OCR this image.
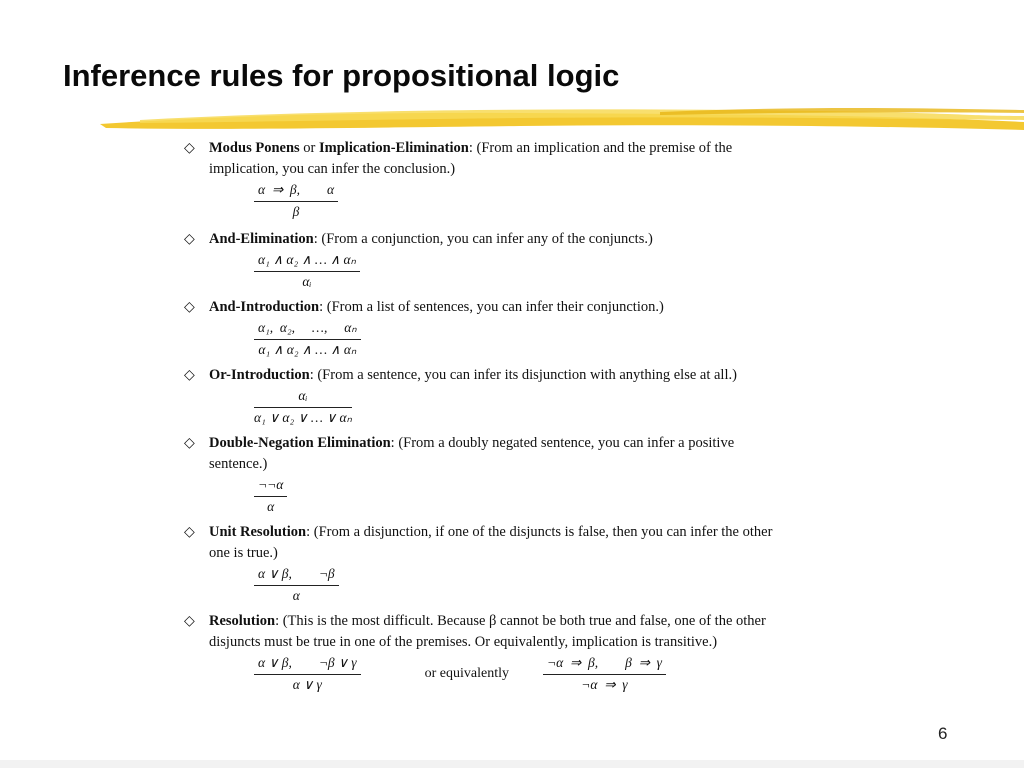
Inference rules for propositional logic
◇ Modus Ponens or Implication-Elimination: (From an implication and the premise of the implication, you can infer the conclusion.)
$\frac{\alpha \Rightarrow \beta, \alpha}{\beta}$
◇ And-Elimination: (From a conjunction, you can infer any of the conjuncts.)
$\frac{\text{α₁ ∧ α₂ ∧ … ∧ αₙ}}{\text{αᵢ}}$
◇ And-Introduction: (From a list of sentences, you can infer their conjunction.)
$\frac{\text{α₁,  α₂,     …,     αₙ}}{\text{α₁ ∧ α₂ ∧ … ∧ αₙ}}$
◇ Or-Introduction: (From a sentence, you can infer its disjunction with anything else at all.)
$\frac{\text{αᵢ}}{\text{α₁ ∨ α₂ ∨ … ∨ αₙ}}$
◇ Double-Negation Elimination: (From a doubly negated sentence, you can infer a positive sentence.)
$\frac{\neg\neg\alpha}{\alpha}$
◇ Unit Resolution: (From a disjunction, if one of the disjuncts is false, then you can infer the other one is true.)
$\frac{\alpha \vee \beta, \neg\beta}{\alpha}$
◇ Resolution: (This is the most difficult. Because β cannot be both true and false, one of the other disjuncts must be true in one of the premises. Or equivalently, implication is transitive.)
$\frac{\alpha \vee \beta, \neg\beta \vee \gamma}{\alpha \vee \gamma}$	or equivalently	$\frac{\neg\alpha \Rightarrow \beta, \beta \Rightarrow \gamma}{\neg\alpha \Rightarrow \gamma}$
6
